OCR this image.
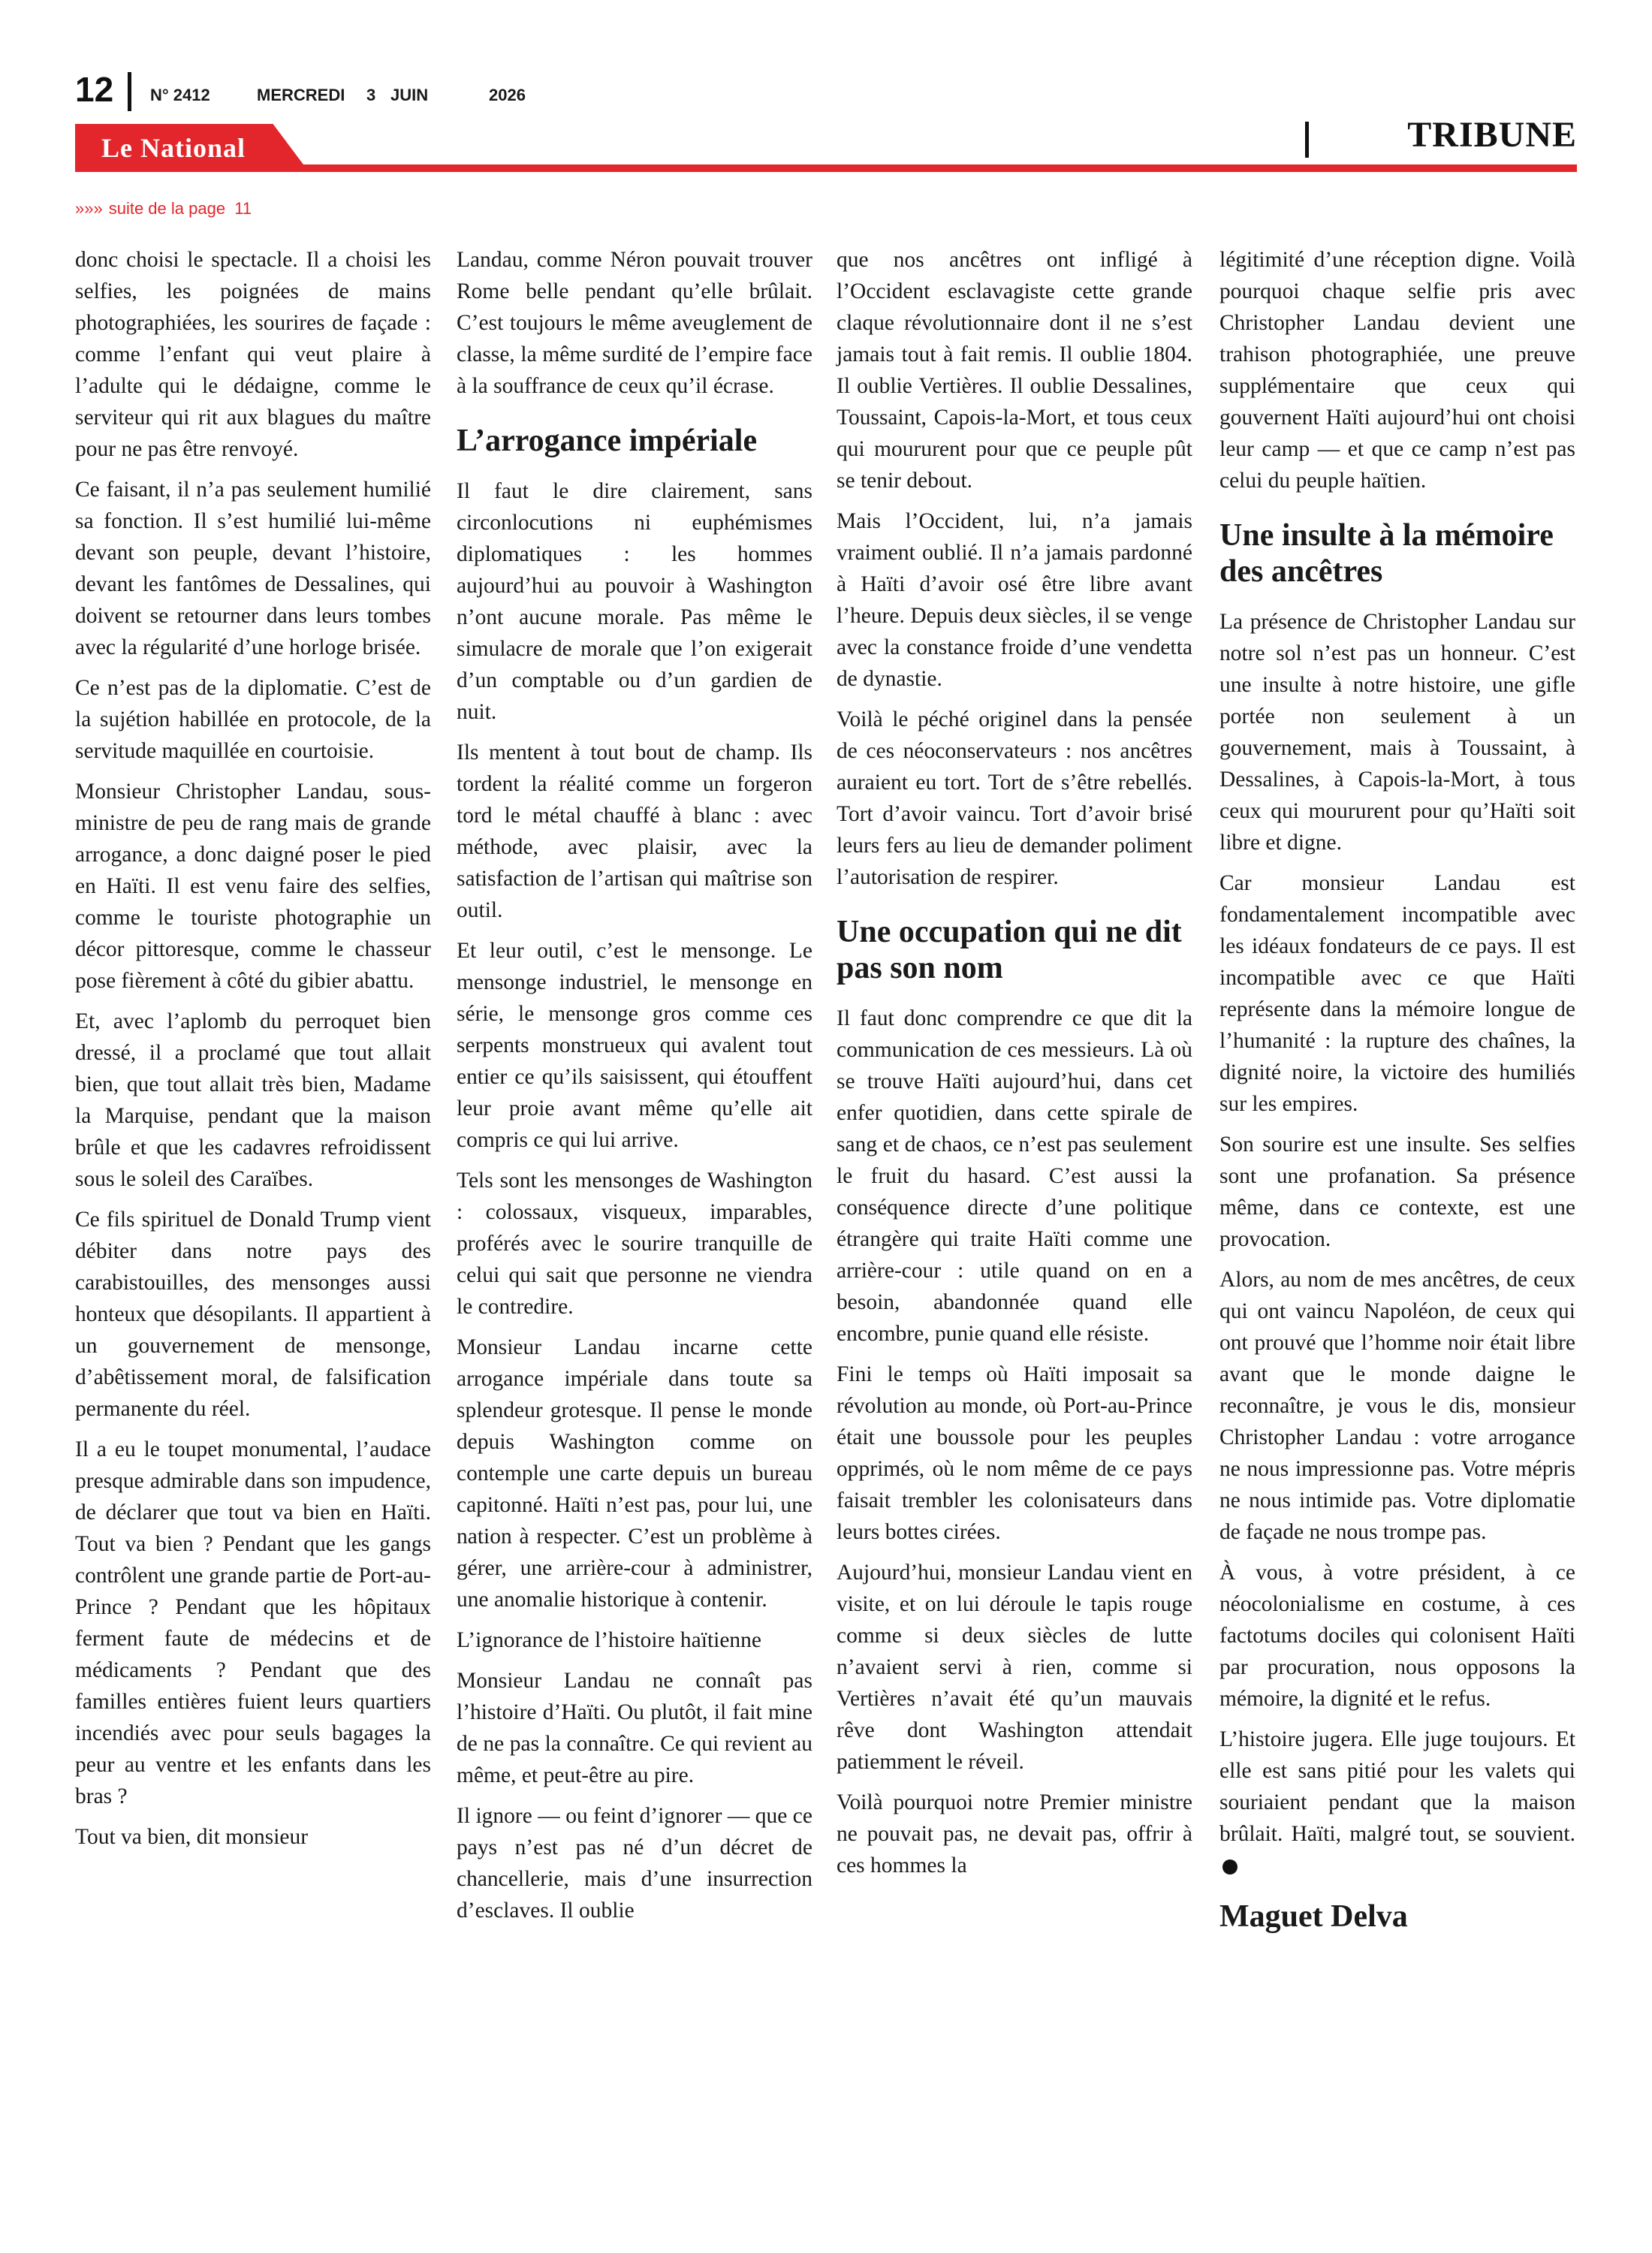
12 N° 2412	MERCREDI 3 JUIN	2026
Le National	TRIBUNE
»»» suite de la page 11

donc choisi le spectacle. Il a choisi les selfies, les poignées de mains photographiées, les sourires de façade : comme l’enfant qui veut plaire à l’adulte qui le dédaigne, comme le serviteur qui rit aux blagues du maître pour ne pas être renvoyé.

Ce faisant, il n’a pas seulement humilié sa fonction. Il s’est humilié lui-même devant son peuple, devant l’histoire, devant les fantômes de Dessalines, qui doivent se retourner dans leurs tombes avec la régularité d’une horloge brisée.

Ce n’est pas de la diplomatie. C’est de la sujétion habillée en protocole, de la servitude maquillée en courtoisie.

Monsieur Christopher Landau, sous-ministre de peu de rang mais de grande arrogance, a donc daigné poser le pied en Haïti. Il est venu faire des selfies, comme le touriste photographie un décor pittoresque, comme le chasseur pose fièrement à côté du gibier abattu.

Et, avec l’aplomb du perroquet bien dressé, il a proclamé que tout allait bien, que tout allait très bien, Madame la Marquise, pendant que la maison brûle et que les cadavres refroidissent sous le soleil des Caraïbes.

Ce fils spirituel de Donald Trump vient débiter dans notre pays des carabistouilles, des mensonges aussi honteux que désopilants. Il appartient à un gouvernement de mensonge, d’abêtissement moral, de falsification permanente du réel.

Il a eu le toupet monumental, l’audace presque admirable dans son impudence, de déclarer que tout va bien en Haïti. Tout va bien ? Pendant que les gangs contrôlent une grande partie de Port-au-Prince ? Pendant que les hôpitaux ferment faute de médecins et de médicaments ? Pendant que des familles entières fuient leurs quartiers incendiés avec pour seuls bagages la peur au ventre et les enfants dans les bras ?

Tout va bien, dit monsieur

Landau, comme Néron pouvait trouver Rome belle pendant qu’elle brûlait. C’est toujours le même aveuglement de classe, la même surdité de l’empire face à la souffrance de ceux qu’il écrase.

L’arrogance impériale

Il faut le dire clairement, sans circonlocutions ni euphémismes diplomatiques : les hommes aujourd’hui au pouvoir à Washington n’ont aucune morale. Pas même le simulacre de morale que l’on exigerait d’un comptable ou d’un gardien de nuit.

Ils mentent à tout bout de champ. Ils tordent la réalité comme un forgeron tord le métal chauffé à blanc : avec méthode, avec plaisir, avec la satisfaction de l’artisan qui maîtrise son outil.

Et leur outil, c’est le mensonge. Le mensonge industriel, le mensonge en série, le mensonge gros comme ces serpents monstrueux qui avalent tout entier ce qu’ils saisissent, qui étouffent leur proie avant même qu’elle ait compris ce qui lui arrive.

Tels sont les mensonges de Washington : colossaux, visqueux, imparables, proférés avec le sourire tranquille de celui qui sait que personne ne viendra le contredire.

Monsieur Landau incarne cette arrogance impériale dans toute sa splendeur grotesque. Il pense le monde depuis Washington comme on contemple une carte depuis un bureau capitonné. Haïti n’est pas, pour lui, une nation à respecter. C’est un problème à gérer, une arrière-cour à administrer, une anomalie historique à contenir.

L’ignorance de l’histoire haïtienne

Monsieur Landau ne connaît pas l’histoire d’Haïti. Ou plutôt, il fait mine de ne pas la connaître. Ce qui revient au même, et peut-être au pire.

Il ignore — ou feint d’ignorer — que ce pays n’est pas né d’un décret de chancellerie, mais d’une insurrection d’esclaves. Il oublie

que nos ancêtres ont infligé à l’Occident esclavagiste cette grande claque révolutionnaire dont il ne s’est jamais tout à fait remis. Il oublie 1804. Il oublie Vertières. Il oublie Dessalines, Toussaint, Capois-la-Mort, et tous ceux qui moururent pour que ce peuple pût se tenir debout.

Mais l’Occident, lui, n’a jamais vraiment oublié. Il n’a jamais pardonné à Haïti d’avoir osé être libre avant l’heure. Depuis deux siècles, il se venge avec la constance froide d’une vendetta de dynastie.

Voilà le péché originel dans la pensée de ces néoconservateurs : nos ancêtres auraient eu tort. Tort de s’être rebellés. Tort d’avoir vaincu. Tort d’avoir brisé leurs fers au lieu de demander poliment l’autorisation de respirer.

Une occupation qui ne dit pas son nom

Il faut donc comprendre ce que dit la communication de ces messieurs. Là où se trouve Haïti aujourd’hui, dans cet enfer quotidien, dans cette spirale de sang et de chaos, ce n’est pas seulement le fruit du hasard. C’est aussi la conséquence directe d’une politique étrangère qui traite Haïti comme une arrière-cour : utile quand on en a besoin, abandonnée quand elle encombre, punie quand elle résiste.

Fini le temps où Haïti imposait sa révolution au monde, où Port-au-Prince était une boussole pour les peuples opprimés, où le nom même de ce pays faisait trembler les colonisateurs dans leurs bottes cirées.

Aujourd’hui, monsieur Landau vient en visite, et on lui déroule le tapis rouge comme si deux siècles de lutte n’avaient servi à rien, comme si Vertières n’avait été qu’un mauvais rêve dont Washington attendait patiemment le réveil.

Voilà pourquoi notre Premier ministre ne pouvait pas, ne devait pas, offrir à ces hommes la

légitimité d’une réception digne. Voilà pourquoi chaque selfie pris avec Christopher Landau devient une trahison photographiée, une preuve supplémentaire que ceux qui gouvernent Haïti aujourd’hui ont choisi leur camp — et que ce camp n’est pas celui du peuple haïtien.

Une insulte à la mémoire des ancêtres

La présence de Christopher Landau sur notre sol n’est pas un honneur. C’est une insulte à notre histoire, une gifle portée non seulement à un gouvernement, mais à Toussaint, à Dessalines, à Capois-la-Mort, à tous ceux qui moururent pour qu’Haïti soit libre et digne.

Car monsieur Landau est fondamentalement incompatible avec les idéaux fondateurs de ce pays. Il est incompatible avec ce que Haïti représente dans la mémoire longue de l’humanité : la rupture des chaînes, la dignité noire, la victoire des humiliés sur les empires.

Son sourire est une insulte. Ses selfies sont une profanation. Sa présence même, dans ce contexte, est une provocation.

Alors, au nom de mes ancêtres, de ceux qui ont vaincu Napoléon, de ceux qui ont prouvé que l’homme noir était libre avant que le monde daigne le reconnaître, je vous le dis, monsieur Christopher Landau : votre arrogance ne nous impressionne pas. Votre mépris ne nous intimide pas. Votre diplomatie de façade ne nous trompe pas.

À vous, à votre président, à ce néocolonialisme en costume, à ces factotums dociles qui colonisent Haïti par procuration, nous opposons la mémoire, la dignité et le refus.

L’histoire jugera. Elle juge toujours. Et elle est sans pitié pour les valets qui souriaient pendant que la maison brûlait. Haïti, malgré tout, se souvient.

Maguet Delva
